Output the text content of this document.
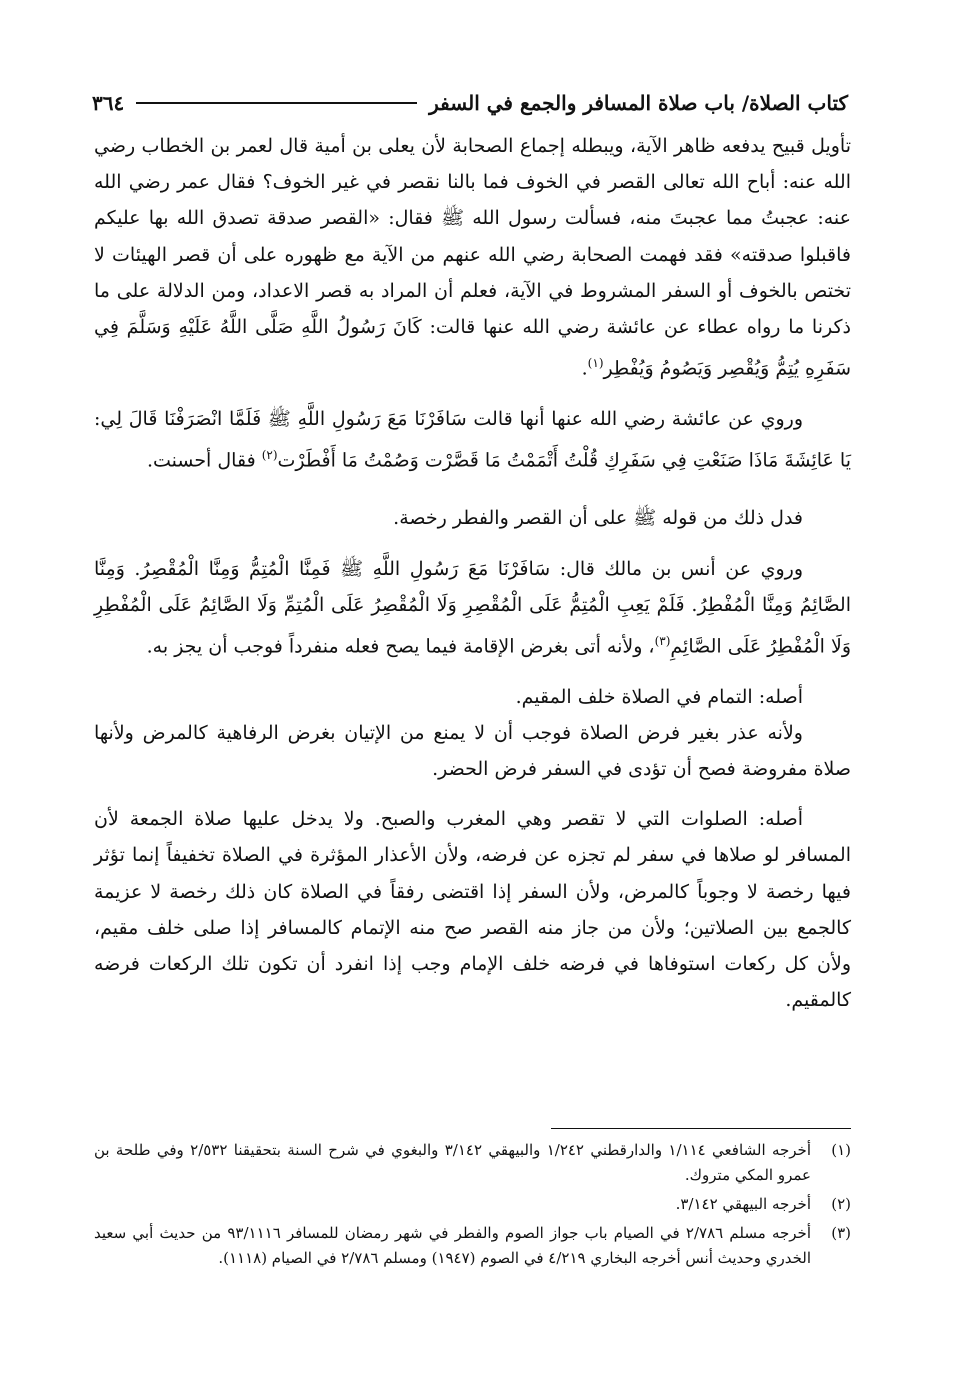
كتاب الصلاة/ باب صلاة المسافر والجمع في السفر
٣٦٤

تأويل قبيح يدفعه ظاهر الآية، ويبطله إجماع الصحابة لأن يعلى بن أمية قال لعمر بن الخطاب رضي الله عنه: أباح الله تعالى القصر في الخوف فما بالنا نقصر في غير الخوف؟ فقال عمر رضي الله عنه: عجبتُ مما عجبتَ منه، فسألت رسول الله ﷺ فقال: «القصر صدقة تصدق الله بها عليكم فاقبلوا صدقته» فقد فهمت الصحابة رضي الله عنهم من الآية مع ظهوره على أن قصر الهيئات لا تختص بالخوف أو السفر المشروط في الآية، فعلم أن المراد به قصر الاعداد، ومن الدلالة على ما ذكرنا ما رواه عطاء عن عائشة رضي الله عنها قالت: كَانَ رَسُولُ اللَّهِ صَلَّى اللَّهُ عَلَيْهِ وَسَلَّمَ فِي سَفَرِهِ يُتِمُّ وَيُقْصِر وَيَصُومُ وَيُفْطِر$^{(١)}$.

وروي عن عائشة رضي الله عنها أنها قالت سَافَرْنَا مَعَ رَسُولِ اللَّهِ ﷺ فَلَمَّا انْصَرَفْنَا قَالَ لِي: يَا عَائِشَةَ مَاذَا صَنَعْتِ فِي سَفَرِكِ قُلْتُ أَتْمَمْتُ مَا قَصَّرْت وَصُمْتُ مَا أَفْطَرْت$^{(٢)}$ فقال أحسنت.

فدل ذلك من قوله ﷺ على أن القصر والفطر رخصة.

وروي عن أنس بن مالك قال: سَافَرْنَا مَعَ رَسُولِ اللَّهِ ﷺ فَمِنَّا الْمُتِمُّ وَمِنَّا الْمُقْصِرُ. وَمِنَّا الصَّائِمُ وَمِنَّا الْمُفْطِرُ. فَلَمْ يَعِبِ الْمُتِمُّ عَلَى الْمُقْصِرِ وَلَا الْمُقْصِرُ عَلَى الْمُتِمِّ وَلَا الصَّائِمُ عَلَى الْمُفْطِرِ وَلَا الْمُفْطِرُ عَلَى الصَّائِمِ$^{(٣)}$، ولأنه أتى بغرض الإقامة فيما يصح فعله منفرداً فوجب أن يجز به.

أصله: التمام في الصلاة خلف المقيم.

ولأنه عذر بغير فرض الصلاة فوجب أن لا يمنع من الإتيان بغرض الرفاهية كالمرض ولأنها صلاة مفروضة فصح أن تؤدى في السفر فرض الحضر.

أصله: الصلوات التي لا تقصر وهي المغرب والصبح. ولا يدخل عليها صلاة الجمعة لأن المسافر لو صلاها في سفر لم تجزه عن فرضه، ولأن الأعذار المؤثرة في الصلاة تخفيفاً إنما تؤثر فيها رخصة لا وجوباً كالمرض، ولأن السفر إذا اقتضى رفقاً في الصلاة كان ذلك رخصة لا عزيمة كالجمع بين الصلاتين؛ ولأن من جاز منه القصر صح منه الإتمام كالمسافر إذا صلى خلف مقيم، ولأن كل ركعات استوفاها في فرضه خلف الإمام وجب إذا انفرد أن تكون تلك الركعات فرضه كالمقيم.

(١)
أخرجه الشافعي ١/١١٤ والدارقطني ١/٢٤٢ والبيهقي ٣/١٤٢ والبغوي في شرح السنة بتحقيقنا ٢/٥٣٢ وفي طلحة بن عمرو المكي متروك.
(٢)
أخرجه البيهقي ٣/١٤٢.
(٣)
أخرجه مسلم ٢/٧٨٦ في الصيام باب جواز الصوم والفطر في شهر رمضان للمسافر ٩٣/١١١٦ من حديث أبي سعيد الخدري وحديث أنس أخرجه البخاري ٤/٢١٩ في الصوم (١٩٤٧) ومسلم ٢/٧٨٦ في الصيام (١١١٨).
